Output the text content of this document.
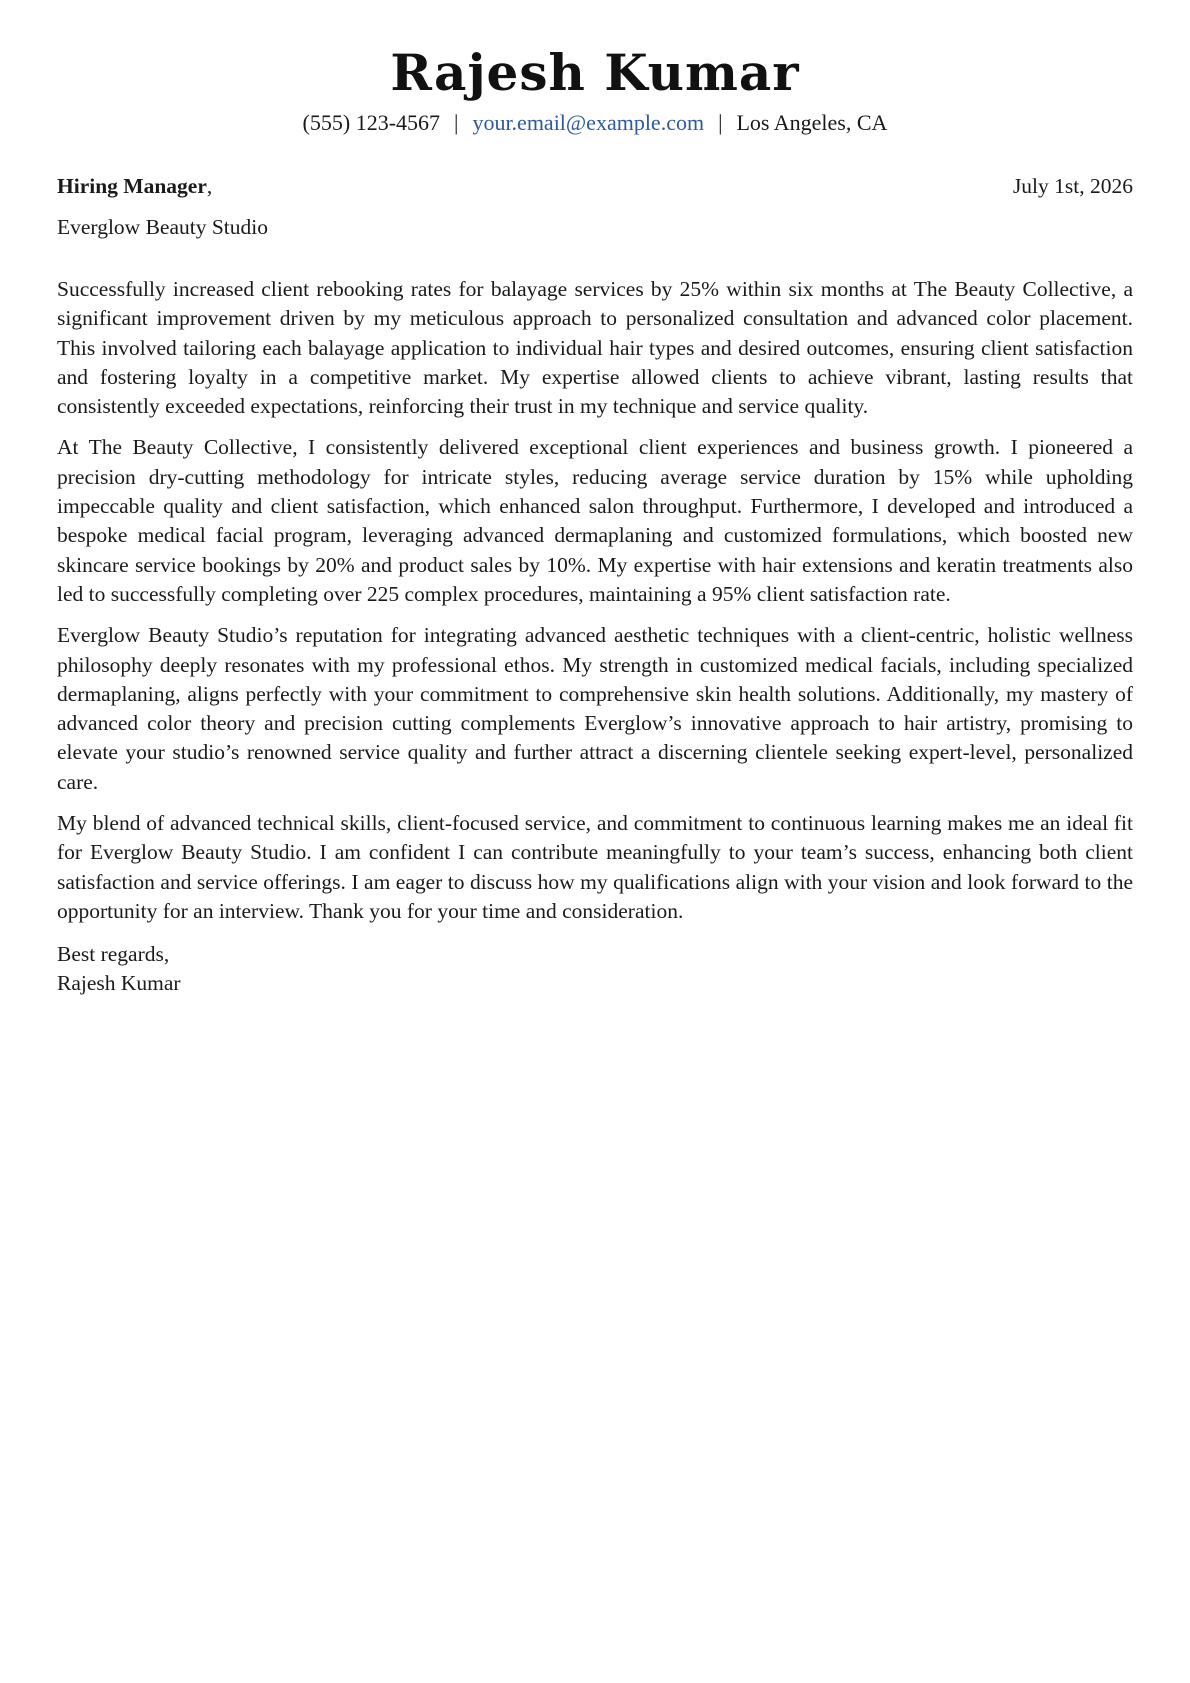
Rajesh Kumar
(555) 123-4567 | your.email@example.com | Los Angeles, CA
Hiring Manager,	July 1st, 2026
Everglow Beauty Studio

Successfully increased client rebooking rates for balayage services by 25% within six months at The Beauty Collective, a significant improvement driven by my meticulous approach to personalized consultation and advanced color placement. This involved tailoring each balayage application to individual hair types and desired outcomes, ensuring client satisfaction and fostering loyalty in a competitive market. My expertise allowed clients to achieve vibrant, lasting results that consistently exceeded expectations, reinforcing their trust in my technique and service quality.

At The Beauty Collective, I consistently delivered exceptional client experiences and business growth. I pioneered a precision dry-cutting methodology for intricate styles, reducing average service duration by 15% while upholding impeccable quality and client satisfaction, which enhanced salon throughput. Furthermore, I developed and introduced a bespoke medical facial program, leveraging advanced dermaplaning and customized formulations, which boosted new skincare service bookings by 20% and product sales by 10%. My expertise with hair extensions and keratin treatments also led to successfully completing over 225 complex procedures, maintaining a 95% client satisfaction rate.

Everglow Beauty Studio’s reputation for integrating advanced aesthetic techniques with a client-centric, holistic wellness philosophy deeply resonates with my professional ethos. My strength in customized medical facials, including specialized dermaplaning, aligns perfectly with your commitment to comprehensive skin health solutions. Additionally, my mastery of advanced color theory and precision cutting complements Everglow’s innovative approach to hair artistry, promising to elevate your studio’s renowned service quality and further attract a discerning clientele seeking expert-level, personalized care.

My blend of advanced technical skills, client-focused service, and commitment to continuous learning makes me an ideal fit for Everglow Beauty Studio. I am confident I can contribute meaningfully to your team’s success, enhancing both client satisfaction and service offerings. I am eager to discuss how my qualifications align with your vision and look forward to the opportunity for an interview. Thank you for your time and consideration.

Best regards,
Rajesh Kumar
